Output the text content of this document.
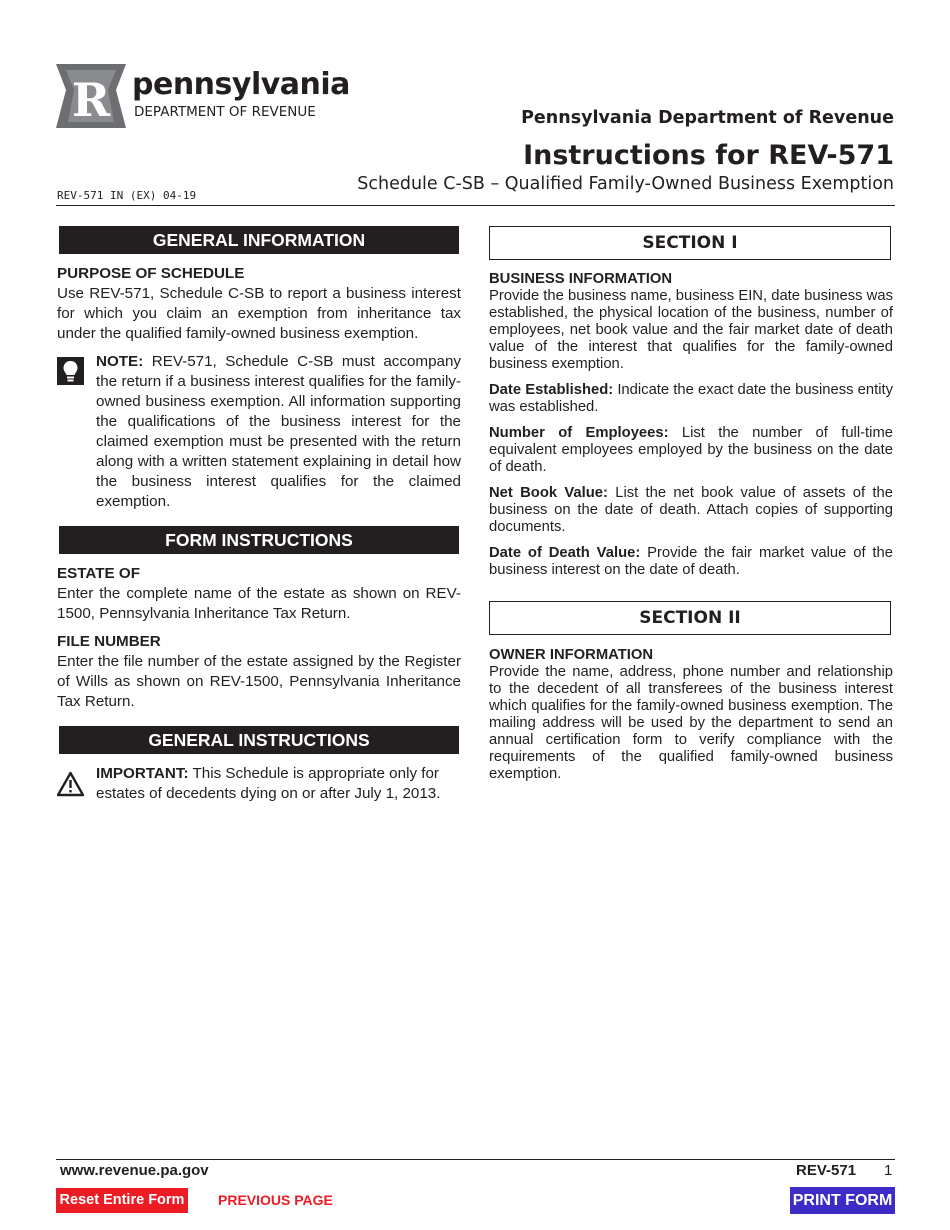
R pennsylvania
DEPARTMENT OF REVENUE	Pennsylvania Department of Revenue
Instructions for REV-571
Schedule C-SB – Qualified Family-Owned Business Exemption
REV-571 IN (EX) 04-19
GENERAL INFORMATION
PURPOSE OF SCHEDULE

Use REV-571, Schedule C-SB to report a business interest for which you claim an exemption from inheritance tax under the qualified family-owned business exemption.

NOTE: REV-571, Schedule C-SB must accompany the return if a business interest qualifies for the family-owned business exemption. All information supporting the qualifications of the business interest for the claimed exemption must be presented with the return along with a written statement explaining in detail how the business interest qualifies for the claimed exemption.

FORM INSTRUCTIONS
ESTATE OF

Enter the complete name of the estate as shown on REV-1500, Pennsylvania Inheritance Tax Return.

FILE NUMBER

Enter the file number of the estate assigned by the Register of Wills as shown on REV-1500, Pennsylvania Inheritance Tax Return.

GENERAL INSTRUCTIONS

IMPORTANT: This Schedule is appropriate only for estates of decedents dying on or after July 1, 2013.

SECTION I
BUSINESS INFORMATION

Provide the business name, business EIN, date business was established, the physical location of the business, number of employees, net book value and the fair market date of death value of the interest that qualifies for the family-owned business exemption.

Date Established: Indicate the exact date the business entity was established.

Number of Employees: List the number of full-time equivalent employees employed by the business on the date of death.

Net Book Value: List the net book value of assets of the business on the date of death. Attach copies of supporting documents.

Date of Death Value: Provide the fair market value of the business interest on the date of death.

SECTION II
OWNER INFORMATION

Provide the name, address, phone number and relationship to the decedent of all transferees of the business interest which qualifies for the family-owned business exemption. The mailing address will be used by the department to send an annual certification form to verify compliance with the requirements of the qualified family-owned business exemption.

www.revenue.pa.gov	REV-571 1
Reset Entire Form PREVIOUS PAGE	PRINT FORM
